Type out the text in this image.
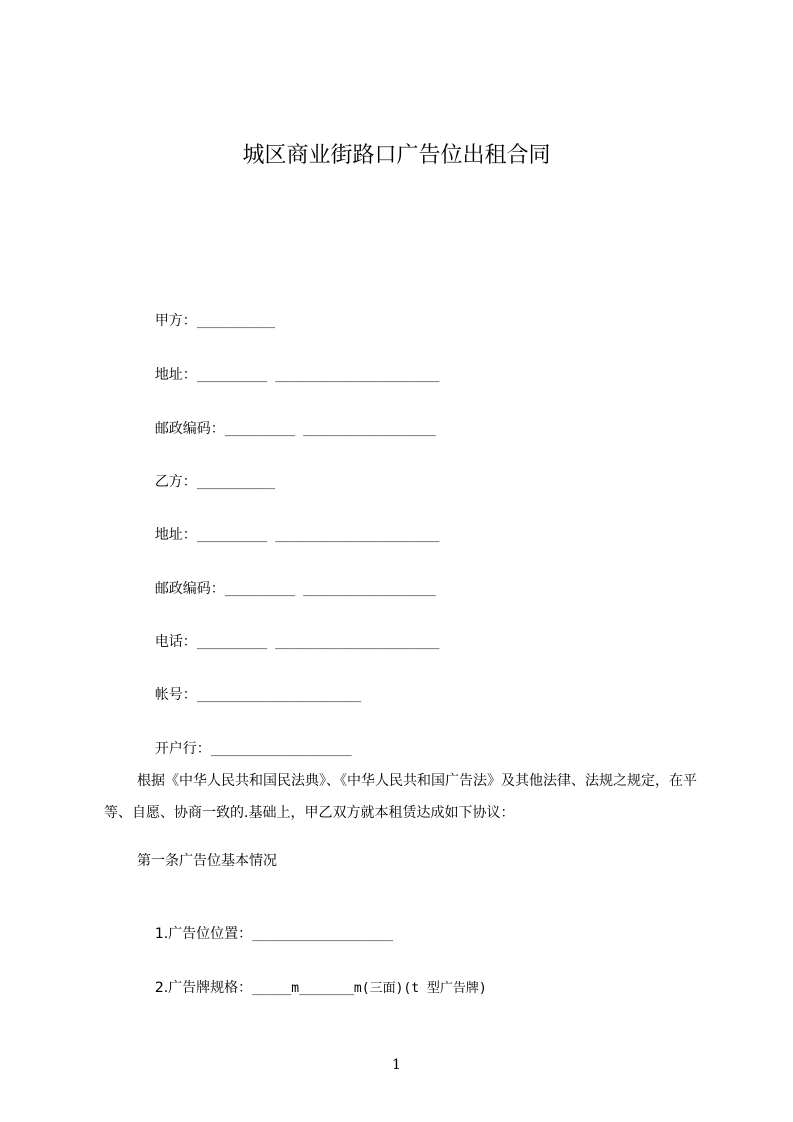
城区商业街路口广告位出租合同

甲方：__________

地址：_________ _____________________

邮政编码：_________ _________________

乙方：__________

地址：_________ _____________________

邮政编码：_________ _________________

电话：_________ _____________________

帐号：_____________________

开户行：__________________

根据《中华人民共和国民法典》、《中华人民共和国广告法》及其他法律、法规之规定，在平等、自愿、协商一致的.基础上，甲乙双方就本租赁达成如下协议：
第一条广告位基本情况

1.广告位位置：__________________

2.广告牌规格：_____m_______m(三面)(t 型广告牌)

1
